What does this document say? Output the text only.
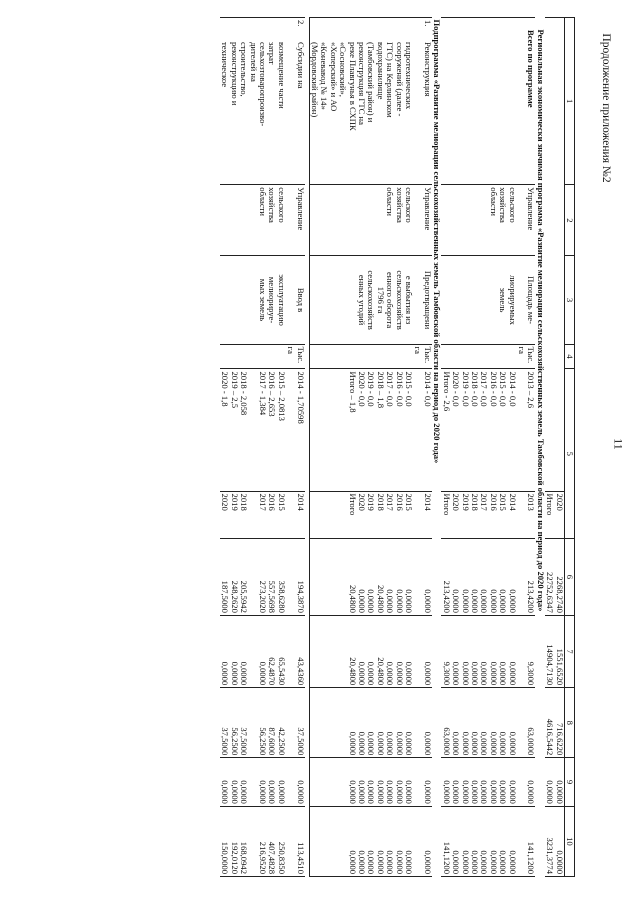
11
Продолжение приложения №2
1	2	3	4	5		6	7	8	9	10
					2020	2268,2740	1551,6520	716,6220	0,0000	0,0000
					Итого	22752,6347	14904,7130	4616,5442	0,0000	3231,3774
Региональная экономически значимая программа «Развитие мелиорации сельскохозяйственных земель Тамбовской области на период до 2020 года»										
Всего по программе	Управление	Площадь ме-	Тыс. га	2013 – 2,6	2013	213,4200	9,3000	63,0000	0,0000	141,1200
	сельского	лиорируемых		2014 - 0,0	2014	0,0000	0,0000	0,0000	0,0000	0,0000
	хозяйства	земель		2015 - 0,0	2015	0,0000	0,0000	0,0000	0,0000	0,0000
	области			2016 - 0,0	2016	0,0000	0,0000	0,0000	0,0000	0,0000
				2017 - 0,0	2017	0,0000	0,0000	0,0000	0,0000	0,0000
				2018 - 0,0	2018	0,0000	0,0000	0,0000	0,0000	0,0000
				2019 - 0,0	2019	0,0000	0,0000	0,0000	0,0000	0,0000
				2020 - 0,0	2020	0,0000	0,0000	0,0000	0,0000	0,0000
				Итого - 2,6	Итого	213,4200	9,3000	63,0000	0,0000	141,1200
Подпрограмма «Развитие мелиорации сельскохозяйственных земель Тамбовской области на период до 2020 года»										
1.Реконструкция	Управление	Предотвращени	Тыс. га	2014 - 0,0	2014	0,0000	0,0000	0,0000	0,0000	0,0000
гидротехнических	сельского	е выбытия из		2015 - 0,0	2015	0,0000	0,0000	0,0000	0,0000	0,0000
сооружений (далее -	хозяйства	сельскохозяйств		2016 - 0,0	2016	0,0000	0,0000	0,0000	0,0000	0,0000
ГТС) на Керлинском	области	енного оборота		2017 - 0,0	2017	0,0000	0,0000	0,0000	0,0000	0,0000
водохранилище		1796 га		2018 – 1,8	2018	20,4800	20,4800	0,0000	0,0000	0,0000
(Тамбовский район) и		сельскохозяйств		2019 - 0,0	2019	0,0000	0,0000	0,0000	0,0000	0,0000
реконструкция ГТС на		енных угодий		2020 - 0,0	2020	0,0000	0,0000	0,0000	0,0000	0,0000
реке Плавгунья в СХПК				Итого – 1,8	Итого	20,4800	20,4800	0,0000	0,0000	0,0000
«Сосновский»,										
«Хоперский» и АО										
«Коневавод № 14»										
(Мордовский район)										

2.Субсидии на	Управление	Ввод в	Тыс. га	2014 - 1,70598	2014	194,3870	43,4360	37,5000	0,0000	113,4510
возмещение части	сельского	эксплуатацию		2015 – 2,0813	2015	358,6280	65,5430	42,2500	0,0000	250,8350
затрат	хозяйства	мелиорируе-		2016 – 2,653	2016	557,5698	62,4870	87,6000	0,0000	407,4828
сельхозтоваропроизво-	области	мых земель		2017 - 1,384	2017	273,2020	0,0000	56,2500	0,0000	216,9520
дителей на										
строительство,				2018 - 2,058	2018	205,5942	0,0000	37,5000	0,0000	168,0942
реконструкцию и				2019 – 2,5	2019	248,2620	0,0000	56,2500	0,0000	192,0120
техническое				2020 - 1,8	2020	187,5000	0,0000	37,5000	0,0000	150,0000
